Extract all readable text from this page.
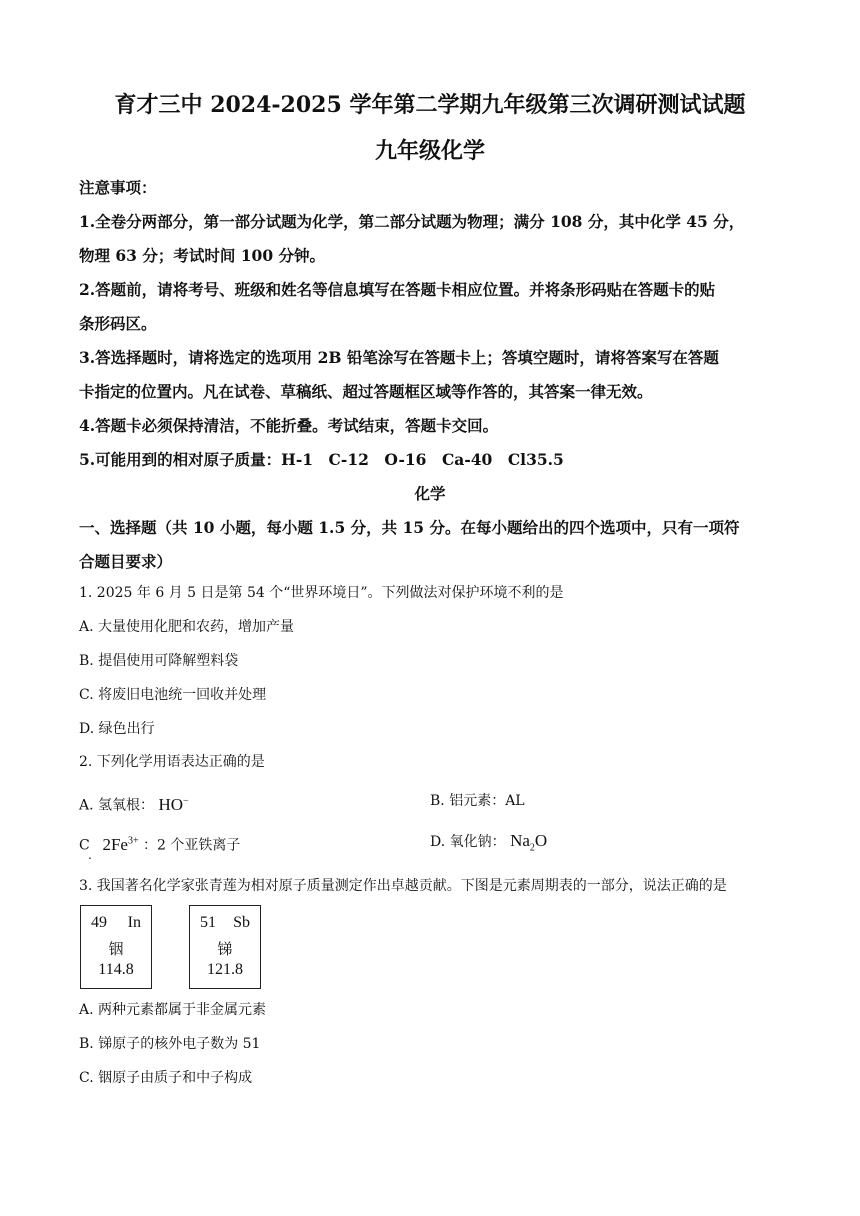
育才三中 2024-2025 学年第二学期九年级第三次调研测试试题
九年级化学
注意事项：
1.全卷分两部分，第一部分试题为化学，第二部分试题为物理；满分 108 分，其中化学 45 分，
物理 63 分；考试时间 100 分钟。
2.答题前，请将考号、班级和姓名等信息填写在答题卡相应位置。并将条形码贴在答题卡的贴
条形码区。
3.答选择题时，请将选定的选项用 2B 铅笔涂写在答题卡上；答填空题时，请将答案写在答题
卡指定的位置内。凡在试卷、草稿纸、超过答题框区域等作答的，其答案一律无效。
4.答题卡必须保持清洁，不能折叠。考试结束，答题卡交回。
5.可能用到的相对原子质量：H-1　C-12　O-16　Ca-40　Cl35.5
化学
一、选择题（共 10 小题，每小题 1.5 分，共 15 分。在每小题给出的四个选项中，只有一项符
合题目要求）
1. 2025 年 6 月 5 日是第 54 个“世界环境日”。下列做法对保护环境不利的是
A. 大量使用化肥和农药，增加产量
B. 提倡使用可降解塑料袋
C. 将废旧电池统一回收并处理
D. 绿色出行
2. 下列化学用语表达正确的是
A. 氢氧根： HO−	B. 铝元素：AL
C . $2Fe^{3+}$ ：2 个亚铁离子	D. 氧化钠： $Na_2O$
3. 我国著名化学家张青莲为相对原子质量测定作出卓越贡献。下图是元素周期表的一部分，说法正确的是
49 In
铟
114.8
51 Sb
锑
121.8
A. 两种元素都属于非金属元素
B. 锑原子的核外电子数为 51
C. 铟原子由质子和中子构成
